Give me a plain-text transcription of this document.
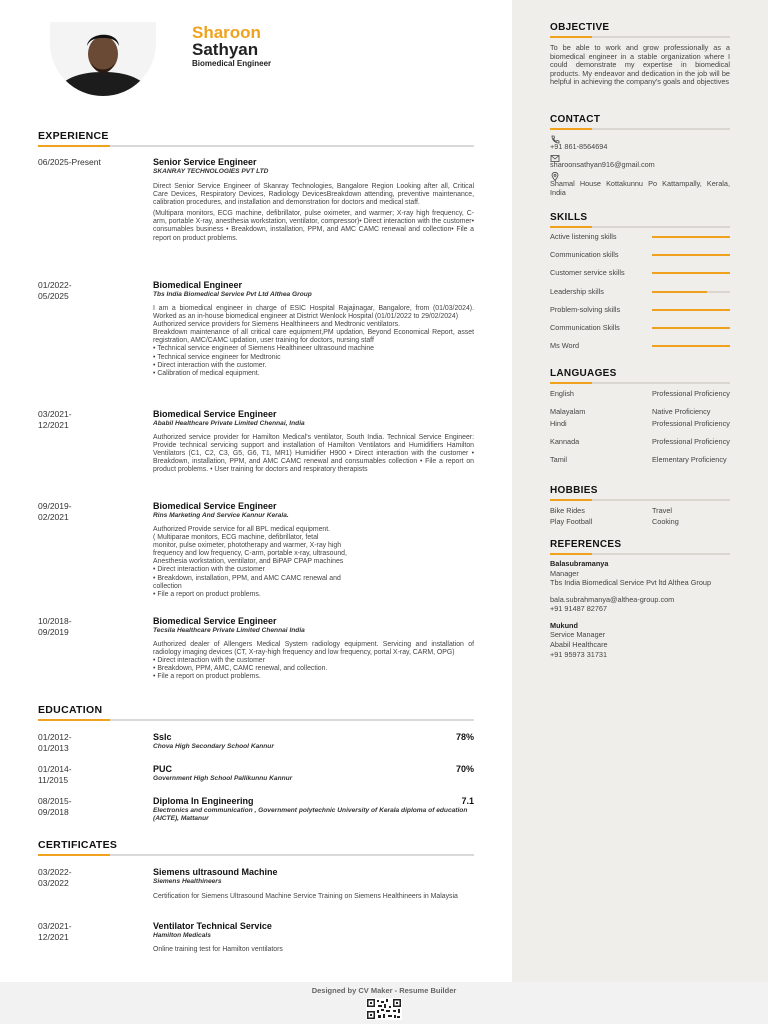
Sharoon
Sathyan
Biomedical Engineer
EXPERIENCE
06/2025-Present	Senior Service Engineer
SKANRAY TECHNOLOGIES PVT LTD

Direct Senior Service Engineer of Skanray Technologies, Bangalore Region Looking after all, Critical Care Devices, Respiratory Devices, Radiology DevicesBreakdown attending, preventive maintenance, calibration procedures, and installation and demonstration for doctors and medical staff.

(Multipara monitors, ECG machine, defibrillator, pulse oximeter, and warmer; X-ray high frequency, C-arm, portable X-ray, anesthesia workstation, ventilator, compressor)• Direct interaction with the customer• consumables business • Breakdown, installation, PPM, and AMC CAMC renewal and collection• File a report on product problems.

01/2022-
05/2025
Biomedical Engineer
Tbs India Biomedical Service Pvt Ltd Althea Group

I am a biomedical engineer in charge of ESIC Hospital Rajajinagar, Bangalore, from (01/03/2024). Worked as an in-house biomedical engineer at District Wenlock Hospital (01/01/2022 to 29/02/2024)
Authorized service providers for Siemens Healthineers and Medtronic ventilators.
Breakdown maintenance of all critical care equipment,PM updation, Beyond Economical Report, asset registration, AMC/CAMC updation, user training for doctors, nursing staff
• Technical service engineer of Siemens Healthineer ultrasound machine
• Technical service engineer for Medtronic
• Direct interaction with the customer.
• Calibration of medical equipment.

03/2021-
12/2021
Biomedical Service Engineer
Ababil Healthcare Private Limited Chennai, India

Authorized service provider for Hamilton Medical's ventilator, South India. Technical Service Engineer: Provide technical servicing support and installation of Hamilton Ventilators and Humidifiers Hamilton Ventilators (C1, C2, C3, G5, G6, T1, MR1) Humidifier H900 • Direct interaction with the customer • Breakdown, installation, PPM, and AMC CAMC renewal and consumables collection • File a report on product problems. • User training for doctors and respiratory therapists

09/2019-
02/2021
Biomedical Service Engineer
Rins Marketing And Service Kannur Kerala.

Authorized Provide service for all BPL medical equipment.
( Multiparae monitors, ECG machine, defibrillator, fetal
monitor, pulse oximeter, phototherapy and warmer, X-ray high
frequency and low frequency, C-arm, portable x-ray, ultrasound,
Anesthesia workstation, ventilator, and BiPAP CPAP machines
• Direct interaction with the customer
• Breakdown, installation, PPM, and AMC CAMC renewal and
collection
• File a report on product problems.

10/2018-
09/2019
Biomedical Service Engineer
Tecsila Healthcare Private Limited Chennai India

Authorized dealer of Allengers Medical System radiology equipment. Servicing and installation of radiology imaging devices (CT, X-ray-high frequency and low frequency, portal X-ray, CARM, OPG)
• Direct interaction with the customer
• Breakdown, PPM, AMC, CAMC renewal, and collection.
• File a report on product problems.

EDUCATION
01/2012-
01/2013
Sslc
Chova High Secondary School Kannur
78%
01/2014-
11/2015
PUC
Government High School Pallikunnu Kannur
70%
08/2015-
09/2018
Diploma In Engineering
Electronics and communication , Government polytechnic University of Kerala diploma of education (AICTE), Mattanur
7.1
CERTIFICATES
03/2022-
03/2022
Siemens ultrasound Machine
Siemens Healthineers

Certification for Siemens Ultrasound Machine Service Training on Siemens Healthineers in Malaysia

03/2021-
12/2021
Ventilator Technical Service
Hamilton Medicals

Online training test for Hamilton ventilators

OBJECTIVE
To be able to work and grow professionally as a biomedical engineer in a stable organization where I could demonstrate my expertise in biomedical products. My endeavor and dedication in the job will be helpful in achieving the company's goals and objectives
CONTACT
+91 861-8564694
sharoonsathyan916@gmail.com
Shamal House Kottakunnu Po Kattampally, Kerala, India
SKILLS
Active listening skills
Communication skills
Customer service skills
Leadership skills
Problem-solving skills
Communication Skills
Ms Word
LANGUAGES
English	Professional Proficiency
Malayalam	Native Proficiency
Hindi	Professional Proficiency
Kannada	Professional Proficiency
Tamil	Elementary Proficiency
HOBBIES
Bike Rides	Travel
Play Football	Cooking
REFERENCES
Balasubramanya
Manager
Tbs India Biomedical Service Pvt ltd Althea Group
bala.subrahmanya@althea-group.com
+91 91487 82767
Mukund
Service Manager
Ababil Healthcare
+91 95973 31731
Designed by CV Maker - Resume Builder
